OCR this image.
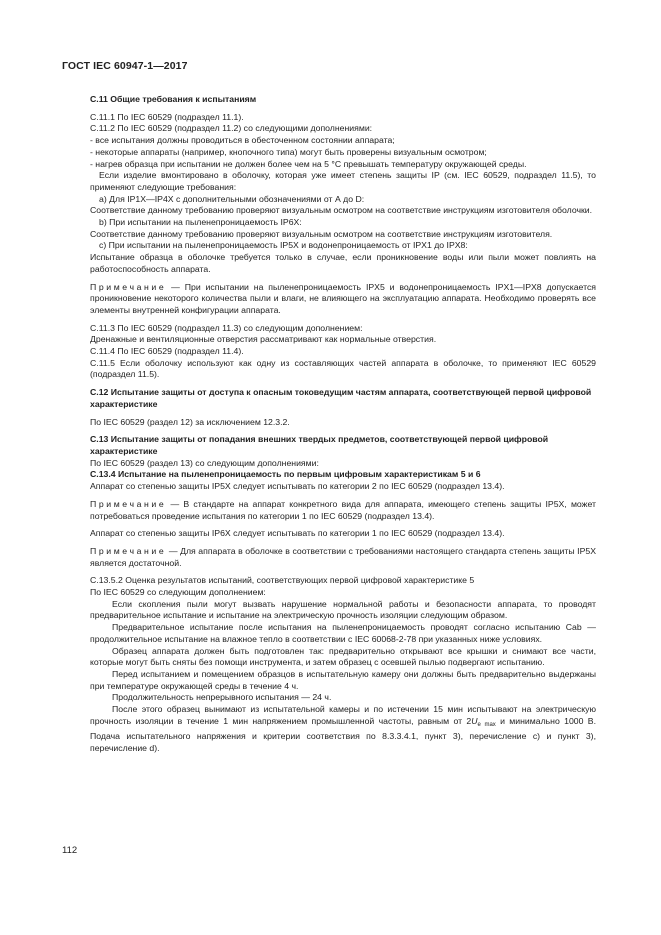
ГОСТ IEC 60947-1—2017

C.11 Общие требования к испытаниям

С.11.1 По IEC 60529 (подраздел 11.1).

С.11.2 По IEC 60529 (подраздел 11.2) со следующими дополнениями:

- все испытания должны проводиться в обесточенном состоянии аппарата;

- некоторые аппараты (например, кнопочного типа) могут быть проверены визуальным осмотром;

- нагрев образца при испытании не должен более чем на 5 °С превышать температуру окружающей среды.

Если изделие вмонтировано в оболочку, которая уже имеет степень защиты IP (см. IEC 60529, подраздел 11.5), то применяют следующие требования:

a) Для IP1X—IP4X с дополнительными обозначениями от А до D:

Соответствие данному требованию проверяют визуальным осмотром на соответствие инструкциям изготовителя оболочки.

b) При испытании на пыленепроницаемость IP6X:

Соответствие данному требованию проверяют визуальным осмотром на соответствие инструкциям изготовителя.

c) При испытании на пыленепроницаемость IP5X и водонепроницаемость от IPX1 до IPX8:

Испытание образца в оболочке требуется только в случае, если проникновение воды или пыли может повлиять на работоспособность аппарата.

Примечание — При испытании на пыленепроницаемость IPX5 и водонепроницаемость IPX1—IPX8 допускается проникновение некоторого количества пыли и влаги, не влияющего на эксплуатацию аппарата. Необходимо проверять все элементы внутренней конфигурации аппарата.

С.11.3 По IEC 60529 (подраздел 11.3) со следующим дополнением:

Дренажные и вентиляционные отверстия рассматривают как нормальные отверстия.

С.11.4 По IEC 60529 (подраздел 11.4).

С.11.5 Если оболочку используют как одну из составляющих частей аппарата в оболочке, то применяют IEC 60529 (подраздел 11.5).

С.12 Испытание защиты от доступа к опасным токоведущим частям аппарата, соответствующей первой цифровой характеристике

По IEC 60529 (раздел 12) за исключением 12.3.2.

С.13 Испытание защиты от попадания внешних твердых предметов, соответствующей первой цифровой характеристике

По IEC 60529 (раздел 13) со следующим дополнениями:

С.13.4 Испытание на пыленепроницаемость по первым цифровым характеристикам 5 и 6

Аппарат со степенью защиты IP5X следует испытывать по категории 2 по IEC 60529 (подраздел 13.4).

Примечание — В стандарте на аппарат конкретного вида для аппарата, имеющего степень защиты IP5X, может потребоваться проведение испытания по категории 1 по IEC 60529 (подраздел 13.4).

Аппарат со степенью защиты IP6X следует испытывать по категории 1 по IEC 60529 (подраздел 13.4).

Примечание — Для аппарата в оболочке в соответствии с требованиями настоящего стандарта степень защиты IP5X является достаточной.

С.13.5.2 Оценка результатов испытаний, соответствующих первой цифровой характеристике 5

По IEC 60529 со следующим дополнением:

Если скопления пыли могут вызвать нарушение нормальной работы и безопасности аппарата, то проводят предварительное испытание и испытание на электрическую прочность изоляции следующим образом.

Предварительное испытание после испытания на пыленепроницаемость проводят согласно испытанию Cab — продолжительное испытание на влажное тепло в соответствии с IEC 60068-2-78 при указанных ниже условиях.

Образец аппарата должен быть подготовлен так: предварительно открывают все крышки и снимают все части, которые могут быть сняты без помощи инструмента, и затем образец с осевшей пылью подвергают испытанию.

Перед испытанием и помещением образцов в испытательную камеру они должны быть предварительно выдержаны при температуре окружающей среды в течение 4 ч.

Продолжительность непрерывного испытания — 24 ч.

После этого образец вынимают из испытательной камеры и по истечении 15 мин испытывают на электрическую прочность изоляции в течение 1 мин напряжением промышленной частоты, равным от $2U_{e max}$ и минимально 1000 В. Подача испытательного напряжения и критерии соответствия по 8.3.3.4.1, пункт 3), перечисление с) и пункт 3), перечисление d).

112
